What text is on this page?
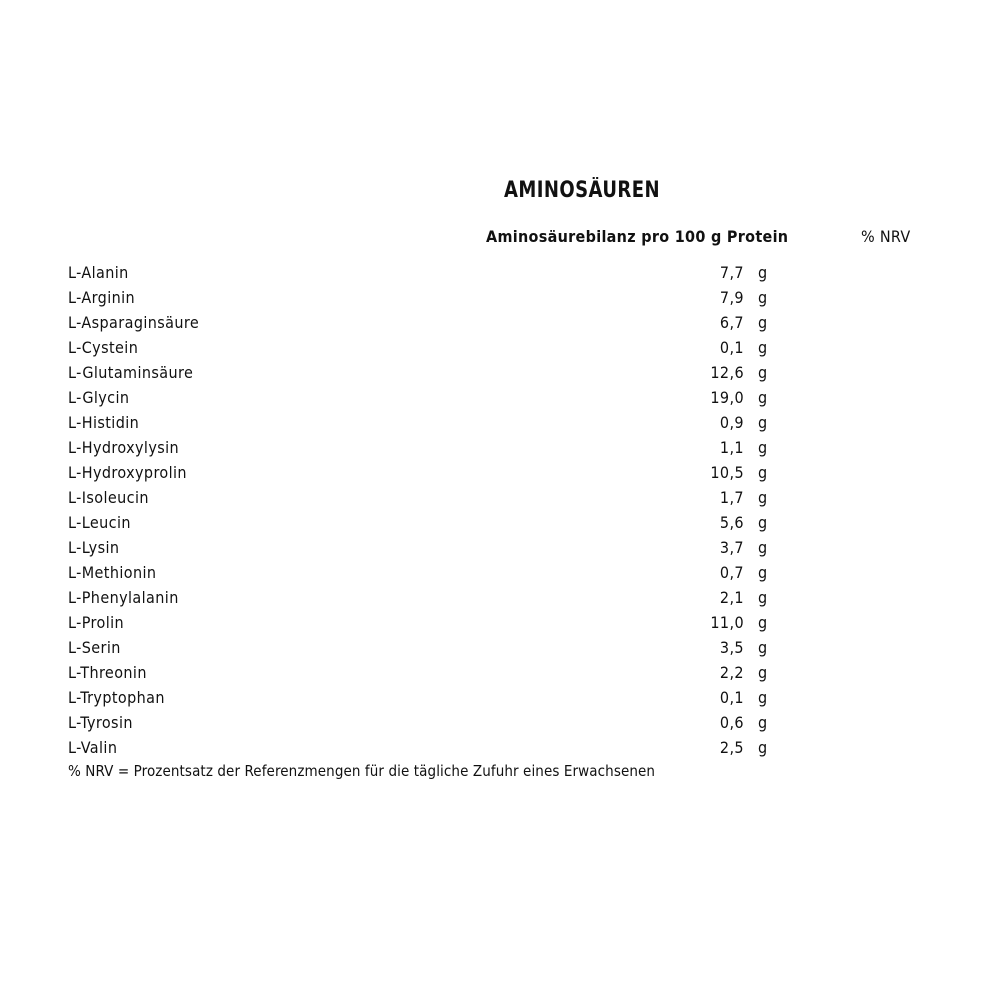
AMINOSÄUREN
Aminosäurebilanz pro 100 g Protein	% NRV
L-Alanin	7,7 g
L-Arginin	7,9 g
L-Asparaginsäure	6,7 g
L-Cystein	0,1 g
L-Glutaminsäure	12,6 g
L-Glycin	19,0 g
L-Histidin	0,9 g
L-Hydroxylysin	1,1 g
L-Hydroxyprolin	10,5 g
L-Isoleucin	1,7 g
L-Leucin	5,6 g
L-Lysin	3,7 g
L-Methionin	0,7 g
L-Phenylalanin	2,1 g
L-Prolin	11,0 g
L-Serin	3,5 g
L-Threonin	2,2 g
L-Tryptophan	0,1 g
L-Tyrosin	0,6 g
L-Valin	2,5 g
% NRV = Prozentsatz der Referenzmengen für die tägliche Zufuhr eines Erwachsenen
